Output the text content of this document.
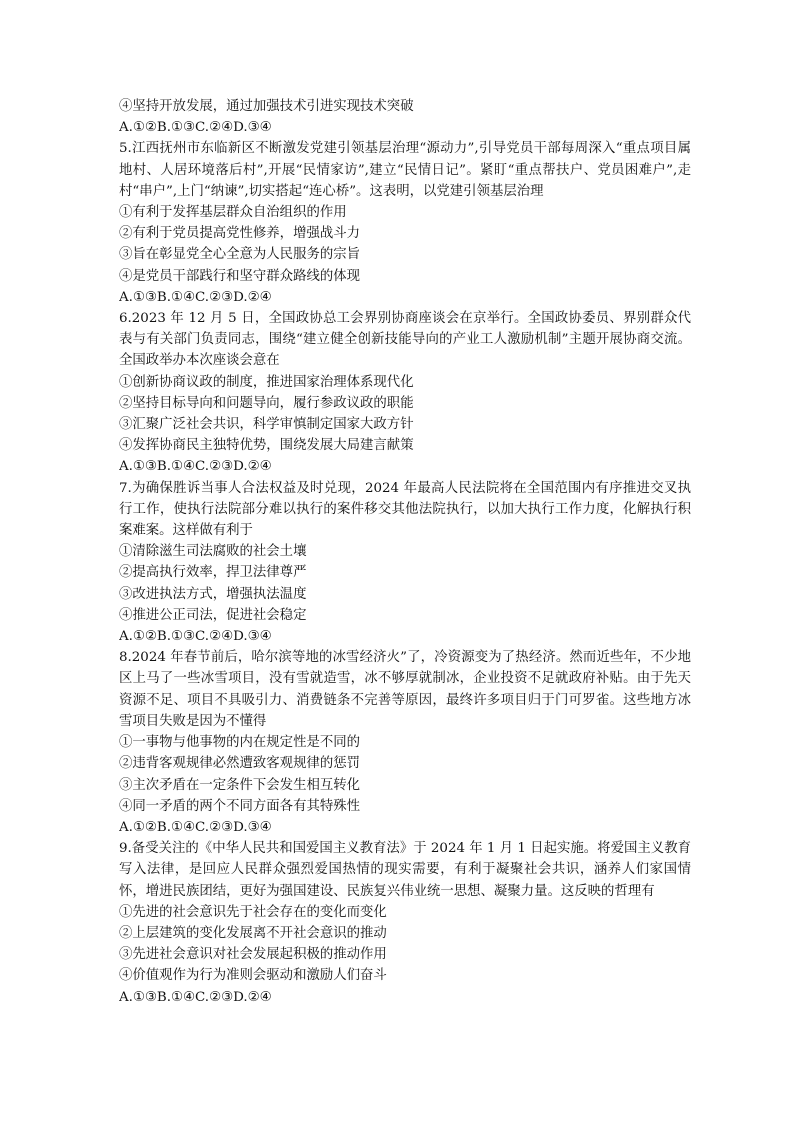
④坚持开放发展，通过加强技术引进实现技术突破
A.①②B.①③C.②④D.③④
5.江西抚州市东临新区不断激发党建引领基层治理“源动力”,引导党员干部每周深入“重点项目属地村、人居环境落后村”,开展“民情家访”,建立“民情日记”。紧盯“重点帮扶户、党员困难户”,走村“串户”,上门“纳谏”,切实搭起“连心桥”。这表明，以党建引领基层治理
①有利于发挥基层群众自治组织的作用
②有利于党员提高党性修养，增强战斗力
③旨在彰显党全心全意为人民服务的宗旨
④是党员干部践行和坚守群众路线的体现
A.①③B.①④C.②③D.②④
6.2023 年 12 月 5 日，全国政协总工会界别协商座谈会在京举行。全国政协委员、界别群众代表与有关部门负责同志，围绕“建立健全创新技能导向的产业工人激励机制”主题开展协商交流。全国政举办本次座谈会意在
①创新协商议政的制度，推进国家治理体系现代化
②坚持目标导向和问题导向，履行参政议政的职能
③汇聚广泛社会共识，科学审慎制定国家大政方针
④发挥协商民主独特优势，围绕发展大局建言献策
A.①③B.①④C.②③D.②④
7.为确保胜诉当事人合法权益及时兑现，2024 年最高人民法院将在全国范围内有序推进交叉执行工作，使执行法院部分难以执行的案件移交其他法院执行，以加大执行工作力度，化解执行积案难案。这样做有利于
①清除滋生司法腐败的社会土壤
②提高执行效率，捍卫法律尊严
③改进执法方式，增强执法温度
④推进公正司法，促进社会稳定
A.①②B.①③C.②④D.③④
8.2024 年春节前后，哈尔滨等地的冰雪经济火”了，冷资源变为了热经济。然而近些年，不少地区上马了一些冰雪项目，没有雪就造雪，冰不够厚就制冰，企业投资不足就政府补贴。由于先天资源不足、项目不具吸引力、消费链条不完善等原因，最终许多项目归于门可罗雀。这些地方冰雪项目失败是因为不懂得
①一事物与他事物的内在规定性是不同的
②违背客观规律必然遭致客观规律的惩罚
③主次矛盾在一定条件下会发生相互转化
④同一矛盾的两个不同方面各有其特殊性
A.①②B.①④C.②③D.③④
9.备受关注的《中华人民共和国爱国主义教育法》于 2024 年 1 月 1 日起实施。将爱国主义教育写入法律，是回应人民群众强烈爱国热情的现实需要，有利于凝聚社会共识，涵养人们家国情怀，增进民族团结，更好为强国建设、民族复兴伟业统一思想、凝聚力量。这反映的哲理有
①先进的社会意识先于社会存在的变化而变化
②上层建筑的变化发展离不开社会意识的推动
③先进社会意识对社会发展起积极的推动作用
④价值观作为行为准则会驱动和激励人们奋斗
A.①③B.①④C.②③D.②④
